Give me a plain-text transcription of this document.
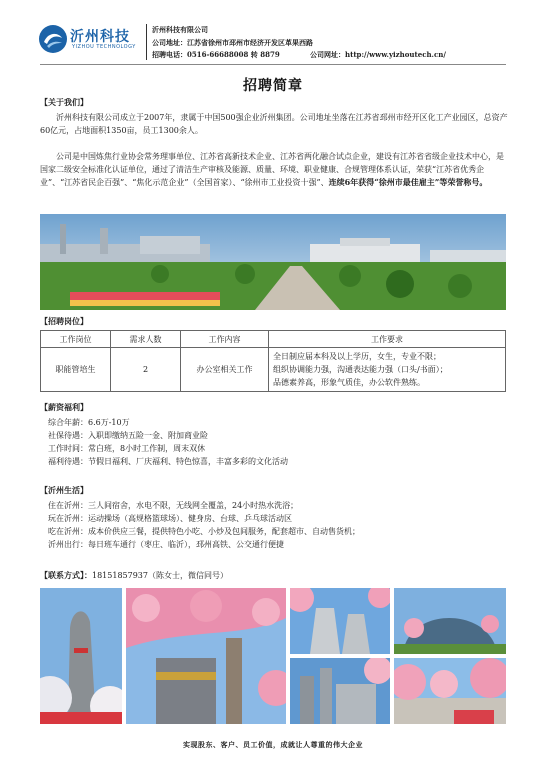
沂州科技
YIZHOU TECHNOLOGY
沂州科技有限公司
公司地址：江苏省徐州市邳州市经济开发区革果西路
招聘电话：0516-66688008 转 8879	公司网址：http://www.yizhoutech.cn/
招聘简章
【关于我们】
沂州科技有限公司成立于2007年，隶属于中国500强企业沂州集团。公司地址坐落在江苏省邳州市经开区化工产业园区，总资产60亿元，占地面积1350亩，员工1300余人。
公司是中国炼焦行业协会常务理事单位、江苏省高新技术企业、江苏省两化融合试点企业，建设有江苏省省级企业技术中心，是国家二级安全标准化认证单位，通过了清洁生产审核及能源、质量、环境、职业健康、合规管理体系认证，荣获“江苏省优秀企业”、“江苏省民企百强”、“焦化示范企业”（全国首家）、“徐州市工业投资十强”、连续6年获得“徐州市最佳雇主”等荣誉称号。
【招聘岗位】
工作岗位	需求人数	工作内容	工作要求
职能管培生	2	办公室相关工作	全日制应届本科及以上学历，女生，专业不限；
组织协调能力强，沟通表达能力强（口头/书面）；
品德素养高，形象气质佳，办公软件熟练。
【薪资福利】
综合年薪：6.6万-10万
社保待遇：入职即缴纳五险一金、附加商业险
工作时间：常白班，8小时工作制，周末双休
福利待遇：节假日福利、厂庆福利、特色惊喜，丰富多彩的文化活动
【沂州生活】
住在沂州：三人间宿舍，水电不限，无线网全覆盖，24小时热水洗浴；
玩在沂州：运动操场（高规格篮球场）、健身房、台球、乒乓球活动区
吃在沂州：成本价供应三餐，提供特色小吃、小炒及包间服务，配套超市、自动售货机；
沂州出行：每日班车通行（枣庄、临沂），邳州高铁、公交通行便捷
【联系方式】：18151857937（陈女士，微信同号）
实现股东、客户、员工价值，成就让人尊重的伟大企业
